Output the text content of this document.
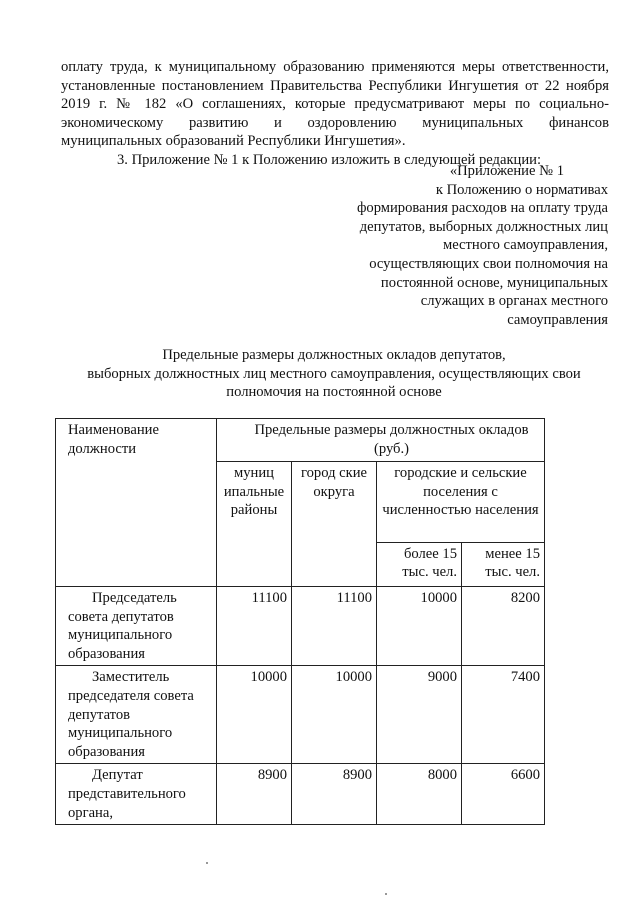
оплату труда, к муниципальному образованию применяются меры ответственности,
установленные постановлением Правительства Республики Ингушетия от 22 ноября
2019 г. № 182 «О соглашениях, которые предусматривают меры по социально-
экономическому развитию и оздоровлению муниципальных финансов
муниципальных образований Республики Ингушетия».

3. Приложение № 1 к Положению изложить в следующей редакции:

«Приложение № 1
к Положению о нормативах
формирования расходов на оплату труда
депутатов, выборных должностных лиц
местного самоуправления,
осуществляющих свои полномочия на
постоянной основе, муниципальных
служащих в органах местного
самоуправления
Предельные размеры должностных окладов депутатов,
выборных должностных лиц местного самоуправления, осуществляющих свои
полномочия на постоянной основе
Наименование должности	Предельные размеры должностных окладов (руб.)			
	муниц ипальные районы	город ские округа	городские и сельские поселения с численностью населения	
			более 15 тыс. чел.	менее 15 тыс. чел.
Председатель совета депутатов муниципального образования	11100	11100	10000	8200
Заместитель председателя совета депутатов муниципального образования	10000	10000	9000	7400
Депутат представительного органа,	8900	8900	8000	6600
